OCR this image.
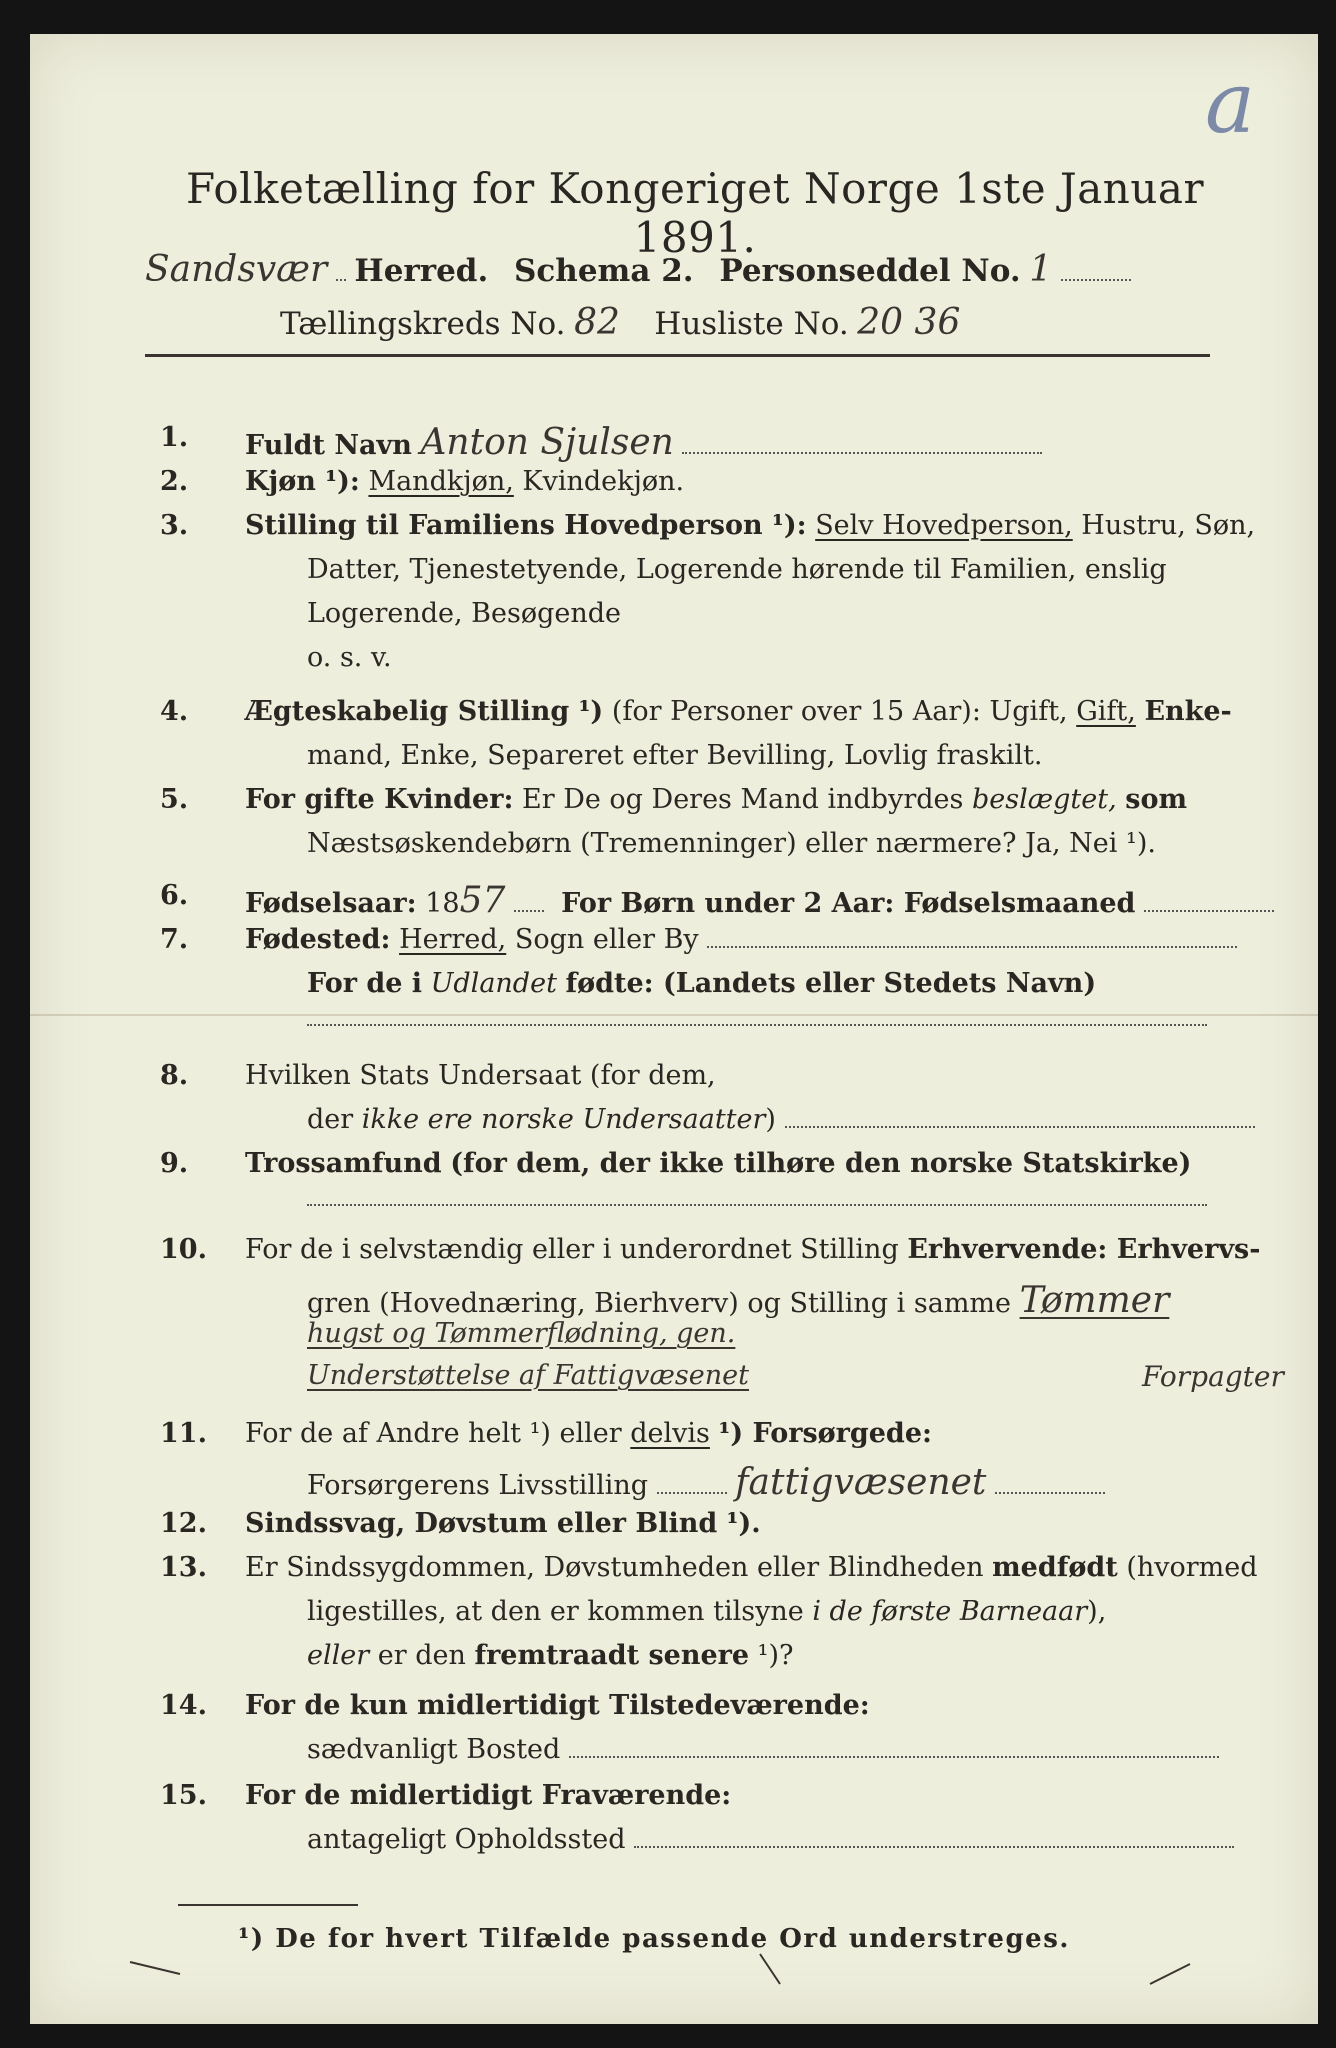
a
Folketælling for Kongeriget Norge 1ste Januar 1891.
Sandsvær Herred. Schema 2. Personseddel No. 1
Tællingskreds No. 82 Husliste No. 20 36
1.	Fuldt Navn Anton Sjulsen
2.	Kjøn ¹): Mandkjøn, Kvindekjøn.
3.	Stilling til Familiens Hovedperson ¹): Selv Hovedperson, Hustru, Søn,
Datter, Tjenestetyende, Logerende hørende til Familien, enslig
Logerende, Besøgende
o. s. v.
4.	Ægteskabelig Stilling ¹) (for Personer over 15 Aar): Ugift, Gift, Enke-
mand, Enke, Separeret efter Bevilling, Lovlig fraskilt.
5.	For gifte Kvinder: Er De og Deres Mand indbyrdes beslægtet, som
Næstsøskendebørn (Tremenninger) eller nærmere? Ja, Nei ¹).
6.	Fødselsaar: 1857 For Børn under 2 Aar: Fødselsmaaned
7.	Fødested: Herred, Sogn eller By
For de i Udlandet fødte: (Landets eller Stedets Navn)
8.	Hvilken Stats Undersaat (for dem,
der ikke ere norske Undersaatter)
9.	Trossamfund (for dem, der ikke tilhøre den norske Statskirke)
10.	For de i selvstændig eller i underordnet Stilling Erhvervende: Erhvervs-
gren (Hovednæring, Bierhverv) og Stilling i samme Tømmer
hugst og Tømmerflødning, gen.
Understøttelse af Fattigvæsenet	Forpagter
11.	For de af Andre helt ¹) eller delvis ¹) Forsørgede:
Forsørgerens Livsstilling fattigvæsenet
12.	Sindssvag, Døvstum eller Blind ¹).
13.	Er Sindssygdommen, Døvstumheden eller Blindheden medfødt (hvormed
ligestilles, at den er kommen tilsyne i de første Barneaar),
eller er den fremtraadt senere ¹)?
14.	For de kun midlertidigt Tilstedeværende:
sædvanligt Bosted
15.	For de midlertidigt Fraværende:
antageligt Opholdssted
¹) De for hvert Tilfælde passende Ord understreges.
